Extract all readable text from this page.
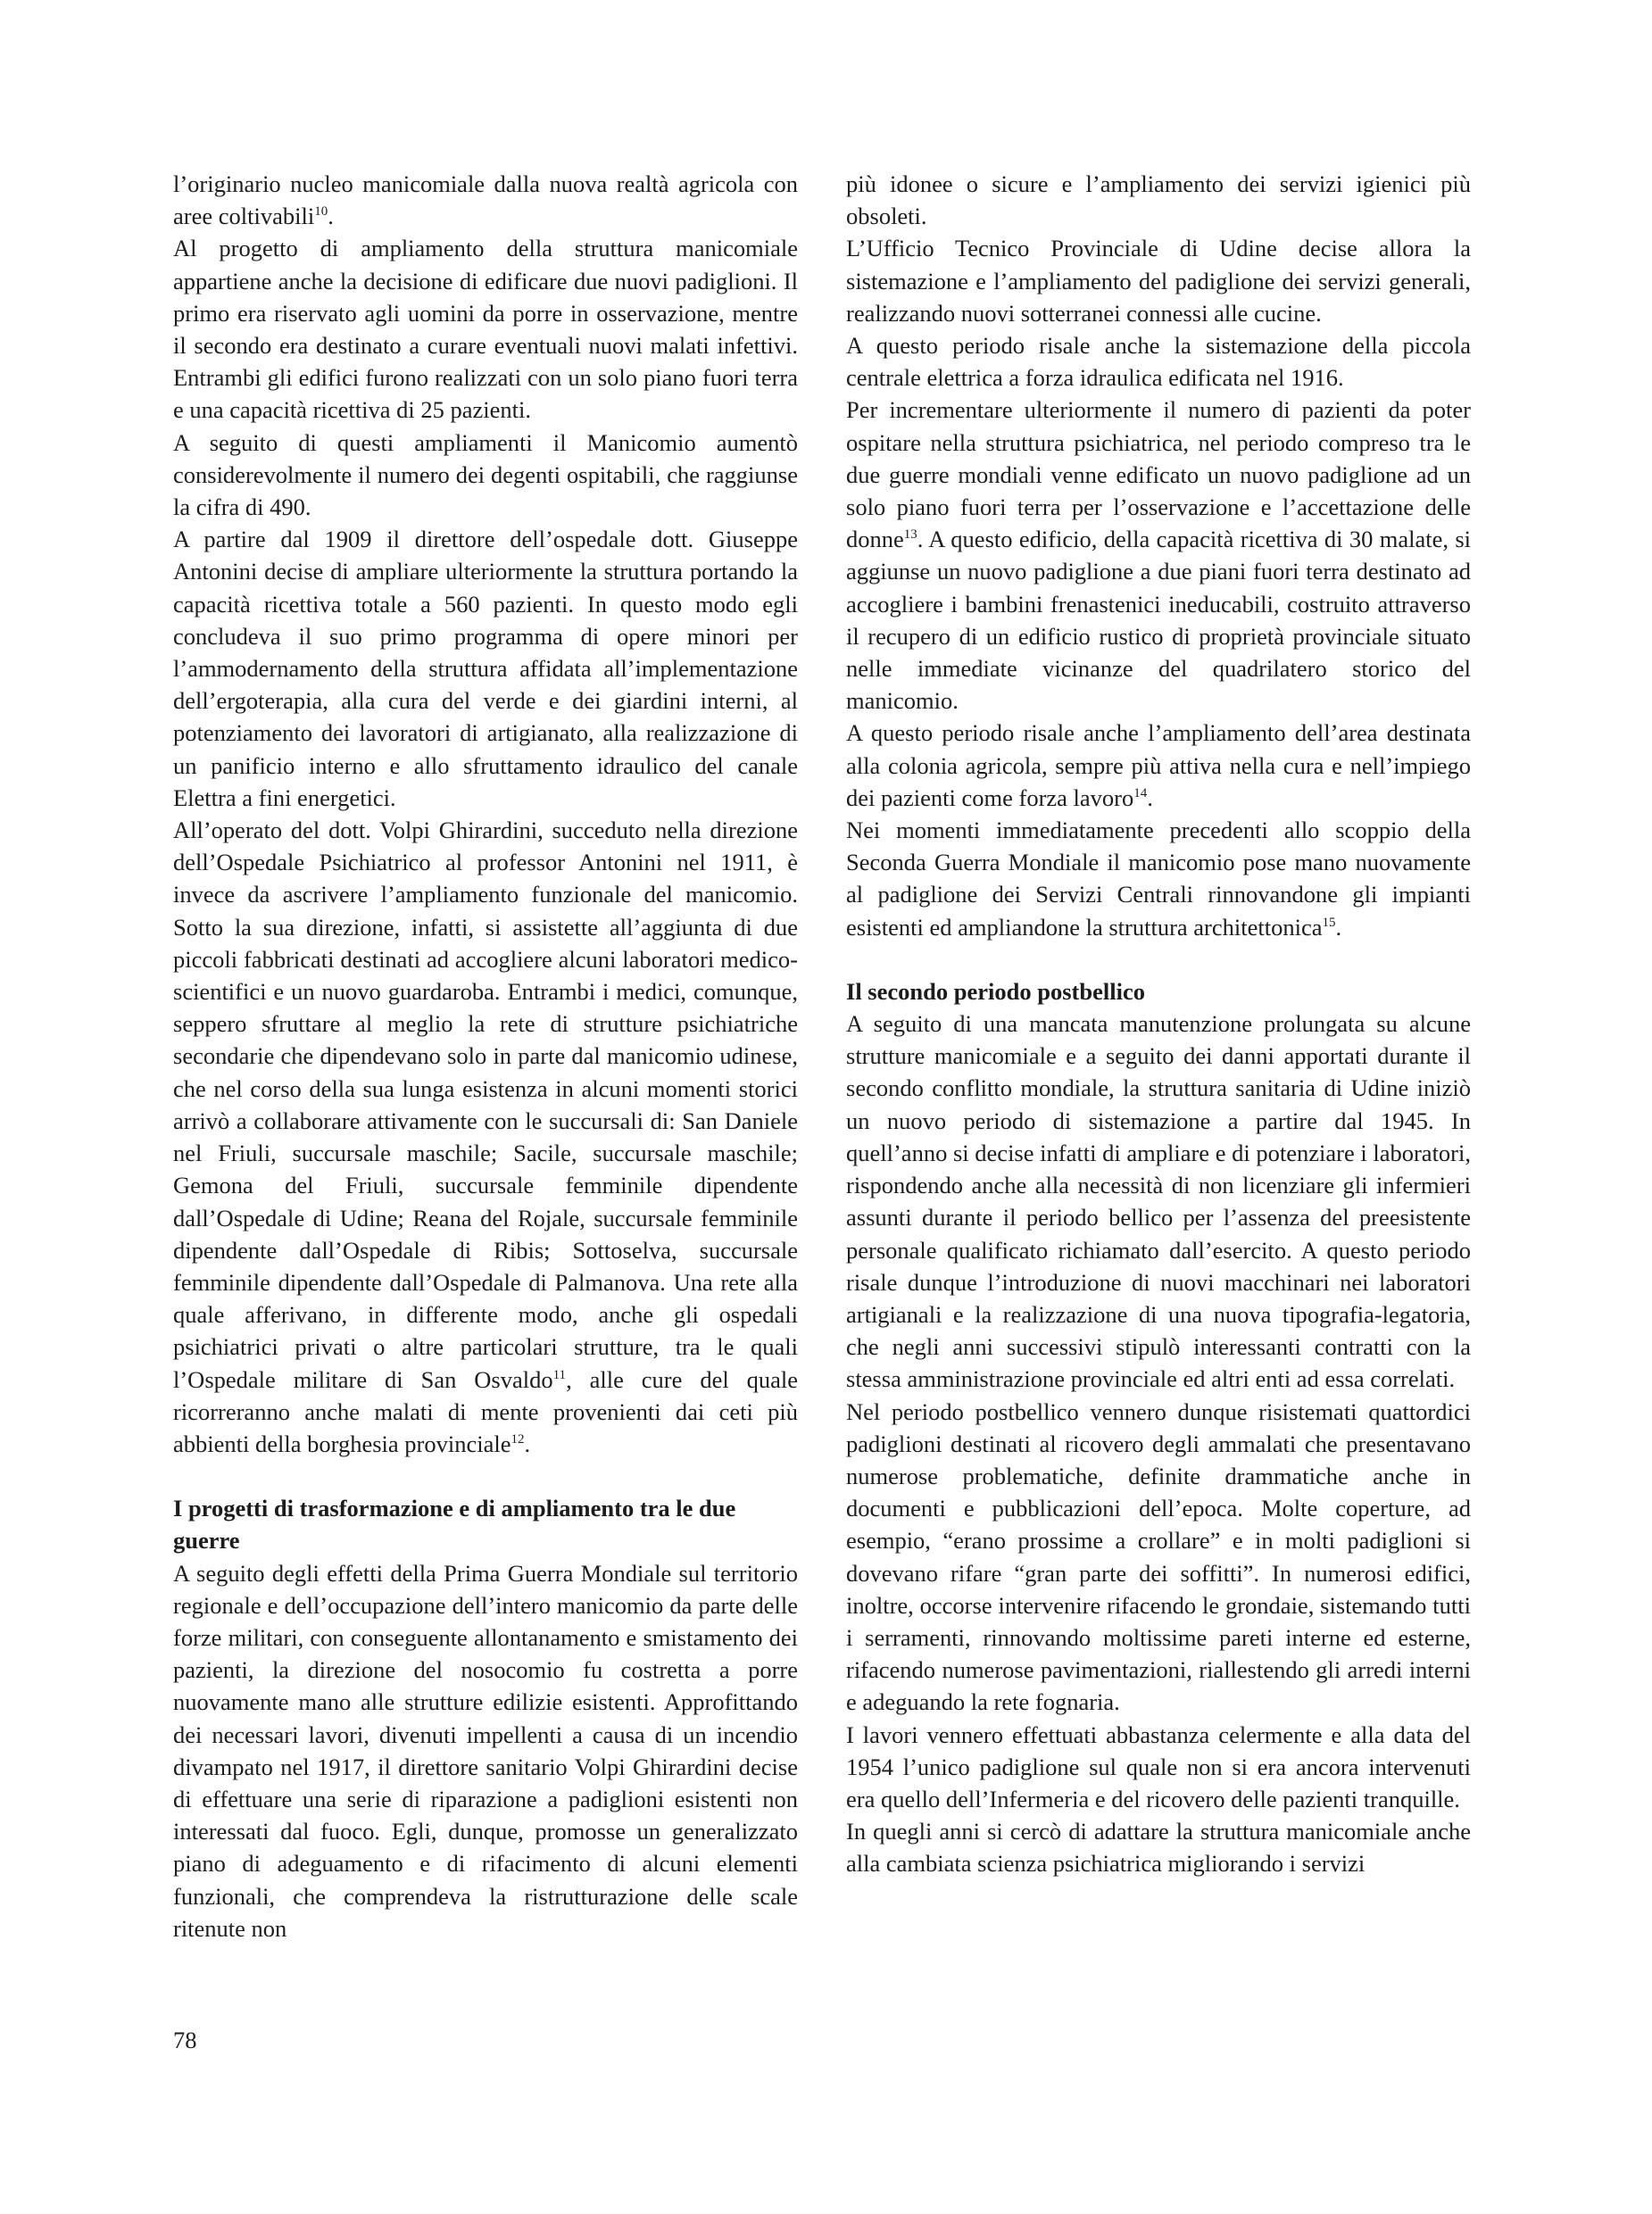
l’originario nucleo manicomiale dalla nuova realtà agricola con aree coltivabili$^{10}$.

Al progetto di ampliamento della struttura manicomiale appartiene anche la decisione di edificare due nuovi padiglioni. Il primo era riservato agli uomini da porre in osservazione, mentre il secondo era destinato a curare eventuali nuovi malati infettivi. Entrambi gli edifici furono realizzati con un solo piano fuori terra e una capacità ricettiva di 25 pazienti.

A seguito di questi ampliamenti il Manicomio aumentò considerevolmente il numero dei degenti ospitabili, che raggiunse la cifra di 490.

A partire dal 1909 il direttore dell’ospedale dott. Giuseppe Antonini decise di ampliare ulteriormente la struttura portando la capacità ricettiva totale a 560 pazienti. In questo modo egli concludeva il suo primo programma di opere minori per l’ammodernamento della struttura affidata all’implementazione dell’ergoterapia, alla cura del verde e dei giardini interni, al potenziamento dei lavoratori di artigianato, alla realizzazione di un panificio interno e allo sfruttamento idraulico del canale Elettra a fini energetici.

All’operato del dott. Volpi Ghirardini, succeduto nella direzione dell’Ospedale Psichiatrico al professor Antonini nel 1911, è invece da ascrivere l’ampliamento funzionale del manicomio. Sotto la sua direzione, infatti, si assistette all’aggiunta di due piccoli fabbricati destinati ad accogliere alcuni laboratori medico-scientifici e un nuovo guardaroba. Entrambi i medici, comunque, seppero sfruttare al meglio la rete di strutture psichiatriche secondarie che dipendevano solo in parte dal manicomio udinese, che nel corso della sua lunga esistenza in alcuni momenti storici arrivò a collaborare attivamente con le succursali di: San Daniele nel Friuli, succursale maschile; Sacile, succursale maschile; Gemona del Friuli, succursale femminile dipendente dall’Ospedale di Udine; Reana del Rojale, succursale femminile dipendente dall’Ospedale di Ribis; Sottoselva, succursale femminile dipendente dall’Ospedale di Palmanova. Una rete alla quale afferivano, in differente modo, anche gli ospedali psichiatrici privati o altre particolari strutture, tra le quali l’Ospedale militare di San Osvaldo$^{11}$, alle cure del quale ricorreranno anche malati di mente provenienti dai ceti più abbienti della borghesia provinciale$^{12}$.

I progetti di trasformazione e di ampliamento tra le due guerre

A seguito degli effetti della Prima Guerra Mondiale sul territorio regionale e dell’occupazione dell’intero manicomio da parte delle forze militari, con conseguente allontanamento e smistamento dei pazienti, la direzione del nosocomio fu costretta a porre nuovamente mano alle strutture edilizie esistenti. Approfittando dei necessari lavori, divenuti impellenti a causa di un incendio divampato nel 1917, il direttore sanitario Volpi Ghirardini decise di effettuare una serie di riparazione a padiglioni esistenti non interessati dal fuoco. Egli, dunque, promosse un generalizzato piano di adeguamento e di rifacimento di alcuni elementi funzionali, che comprendeva la ristrutturazione delle scale ritenute non

più idonee o sicure e l’ampliamento dei servizi igienici più obsoleti.

L’Ufficio Tecnico Provinciale di Udine decise allora la sistemazione e l’ampliamento del padiglione dei servizi generali, realizzando nuovi sotterranei connessi alle cucine.

A questo periodo risale anche la sistemazione della piccola centrale elettrica a forza idraulica edificata nel 1916.

Per incrementare ulteriormente il numero di pazienti da poter ospitare nella struttura psichiatrica, nel periodo compreso tra le due guerre mondiali venne edificato un nuovo padiglione ad un solo piano fuori terra per l’osservazione e l’accettazione delle donne$^{13}$. A questo edificio, della capacità ricettiva di 30 malate, si aggiunse un nuovo padiglione a due piani fuori terra destinato ad accogliere i bambini frenastenici ineducabili, costruito attraverso il recupero di un edificio rustico di proprietà provinciale situato nelle immediate vicinanze del quadrilatero storico del manicomio.

A questo periodo risale anche l’ampliamento dell’area destinata alla colonia agricola, sempre più attiva nella cura e nell’impiego dei pazienti come forza lavoro$^{14}$.

Nei momenti immediatamente precedenti allo scoppio della Seconda Guerra Mondiale il manicomio pose mano nuovamente al padiglione dei Servizi Centrali rinnovandone gli impianti esistenti ed ampliandone la struttura architettonica$^{15}$.

Il secondo periodo postbellico

A seguito di una mancata manutenzione prolungata su alcune strutture manicomiale e a seguito dei danni apportati durante il secondo conflitto mondiale, la struttura sanitaria di Udine iniziò un nuovo periodo di sistemazione a partire dal 1945. In quell’anno si decise infatti di ampliare e di potenziare i laboratori, rispondendo anche alla necessità di non licenziare gli infermieri assunti durante il periodo bellico per l’assenza del preesistente personale qualificato richiamato dall’esercito. A questo periodo risale dunque l’introduzione di nuovi macchinari nei laboratori artigianali e la realizzazione di una nuova tipografia-legatoria, che negli anni successivi stipulò interessanti contratti con la stessa amministrazione provinciale ed altri enti ad essa correlati.

Nel periodo postbellico vennero dunque risistemati quattordici padiglioni destinati al ricovero degli ammalati che presentavano numerose problematiche, definite drammatiche anche in documenti e pubblicazioni dell’epoca. Molte coperture, ad esempio, “erano prossime a crollare” e in molti padiglioni si dovevano rifare “gran parte dei soffitti”. In numerosi edifici, inoltre, occorse intervenire rifacendo le grondaie, sistemando tutti i serramenti, rinnovando moltissime pareti interne ed esterne, rifacendo numerose pavimentazioni, riallestendo gli arredi interni e adeguando la rete fognaria.

I lavori vennero effettuati abbastanza celermente e alla data del 1954 l’unico padiglione sul quale non si era ancora intervenuti era quello dell’Infermeria e del ricovero delle pazienti tranquille.

In quegli anni si cercò di adattare la struttura manicomiale anche alla cambiata scienza psichiatrica migliorando i servizi

78
